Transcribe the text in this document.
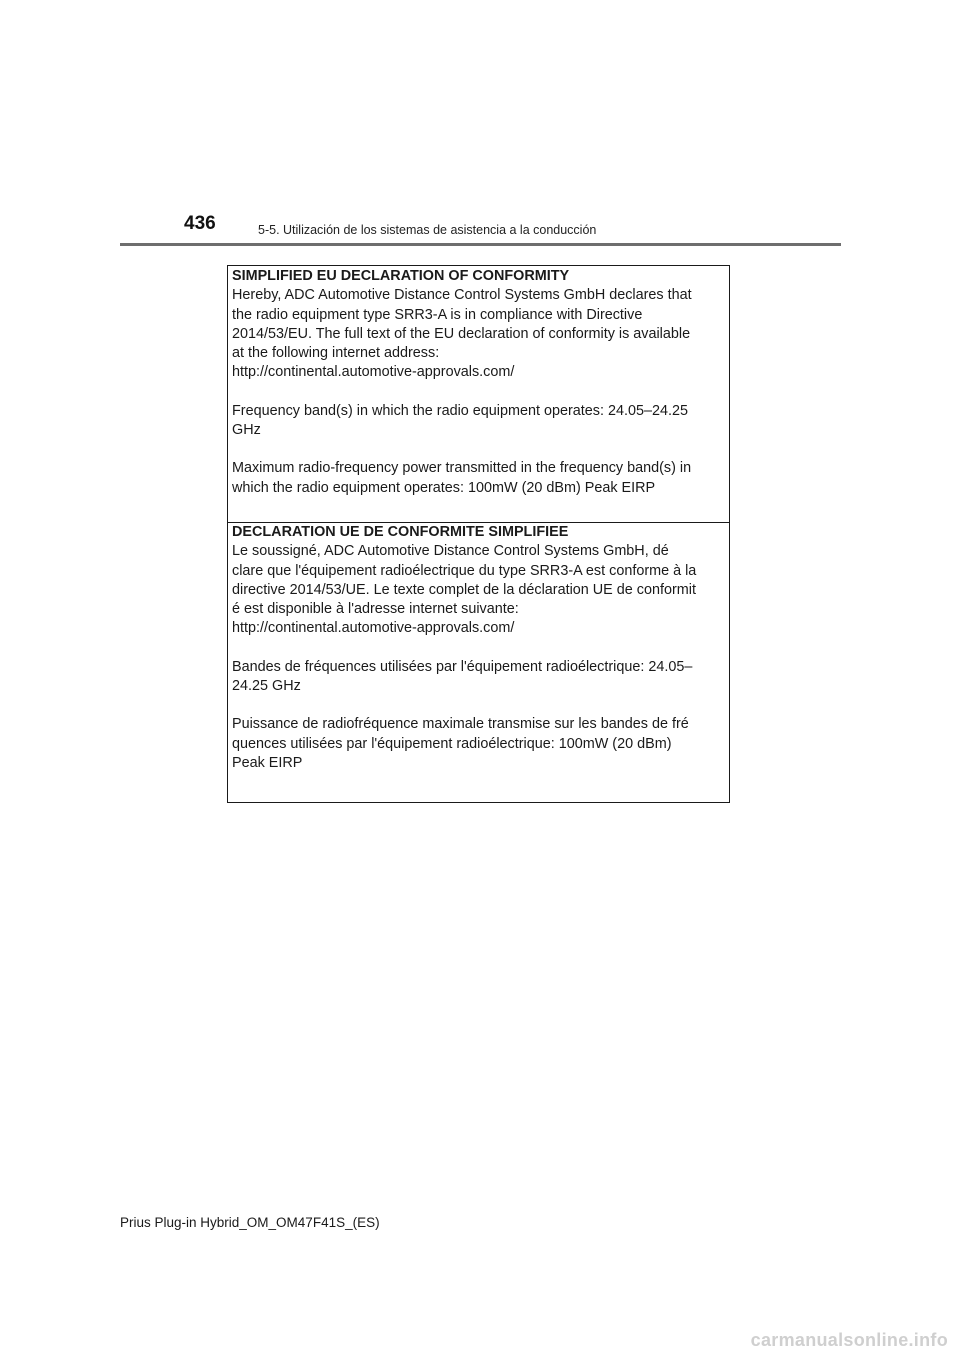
436	5-5. Utilización de los sistemas de asistencia a la conducción

SIMPLIFIED EU DECLARATION OF CONFORMITY

Hereby, ADC Automotive Distance Control Systems GmbH declares that
the radio equipment type SRR3-A is in compliance with Directive
2014/53/EU. The full text of the EU declaration of conformity is available
at the following internet address:
http://continental.automotive-approvals.com/

Frequency band(s) in which the radio equipment operates: 24.05–24.25
GHz

Maximum radio-frequency power transmitted in the frequency band(s) in
which the radio equipment operates: 100mW (20 dBm) Peak EIRP

DECLARATION UE DE CONFORMITE SIMPLIFIEE

Le soussigné, ADC Automotive Distance Control Systems GmbH, dé
clare que l'équipement radioélectrique du type SRR3-A est conforme à la
directive 2014/53/UE. Le texte complet de la déclaration UE de conformit
é est disponible à l'adresse internet suivante:
http://continental.automotive-approvals.com/

Bandes de fréquences utilisées par l'équipement radioélectrique: 24.05–
24.25 GHz

Puissance de radiofréquence maximale transmise sur les bandes de fré
quences utilisées par l'équipement radioélectrique: 100mW (20 dBm)
Peak EIRP

Prius Plug-in Hybrid_OM_OM47F41S_(ES)
carmanualsonline.info
